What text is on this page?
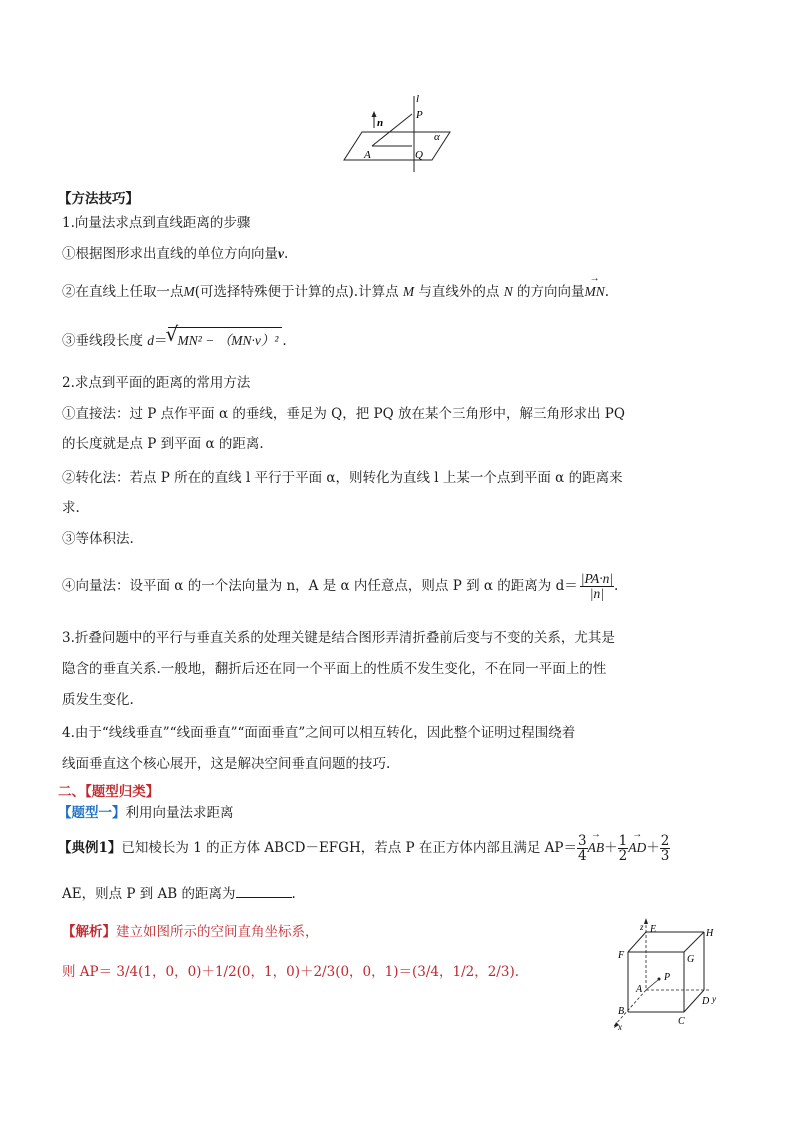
l
n
P
α
A	Q
【方法技巧】
1.向量法求点到直线距离的步骤
①根据图形求出直线的单位方向向量v.
②在直线上任取一点M(可选择特殊便于计算的点).计算点 M 与直线外的点 N 的方向向量→ MN.
③垂线段长度 d＝
√ MN² − （MN·v）² .
2.求点到平面的距离的常用方法
①直接法：过 P 点作平面 α 的垂线，垂足为 Q，把 PQ 放在某个三角形中，解三角形求出 PQ
的长度就是点 P 到平面 α 的距离.
②转化法：若点 P 所在的直线 l 平行于平面 α，则转化为直线 l 上某一个点到平面 α 的距离来
求.
③等体积法.
④向量法：设平面 α 的一个法向量为 n，A 是 α 内任意点，则点 P 到 α 的距离为 $d= \frac{|PA\cdot n|}{|n|}$ .
3.折叠问题中的平行与垂直关系的处理关键是结合图形弄清折叠前后变与不变的关系，尤其是
隐含的垂直关系.一般地，翻折后还在同一个平面上的性质不发生变化，不在同一平面上的性
质发生变化.
4.由于“线线垂直”“线面垂直”“面面垂直”之间可以相互转化，因此整个证明过程围绕着
线面垂直这个核心展开，这是解决空间垂直问题的技巧.
二、【题型归类】
【题型一】利用向量法求距离
【典例1】已知棱长为 1 的正方体 ABCD－EFGH，若点 P 在正方体内部且满足 $AP= \frac{3}{4}$
→ $AB+ \frac{1}{2}$
→ $AD+ \frac{2}{3}$
AE，则点 P 到 AB 的距离为	.
【解析】建立如图所示的空间直角坐标系，
则 AP＝ 3/4(1，0，0)＋1/2(0，1，0)＋2/3(0，0，1)＝(3/4，1/2，2/3).
z E	H
F	G
P
A
D y
B
C
x
